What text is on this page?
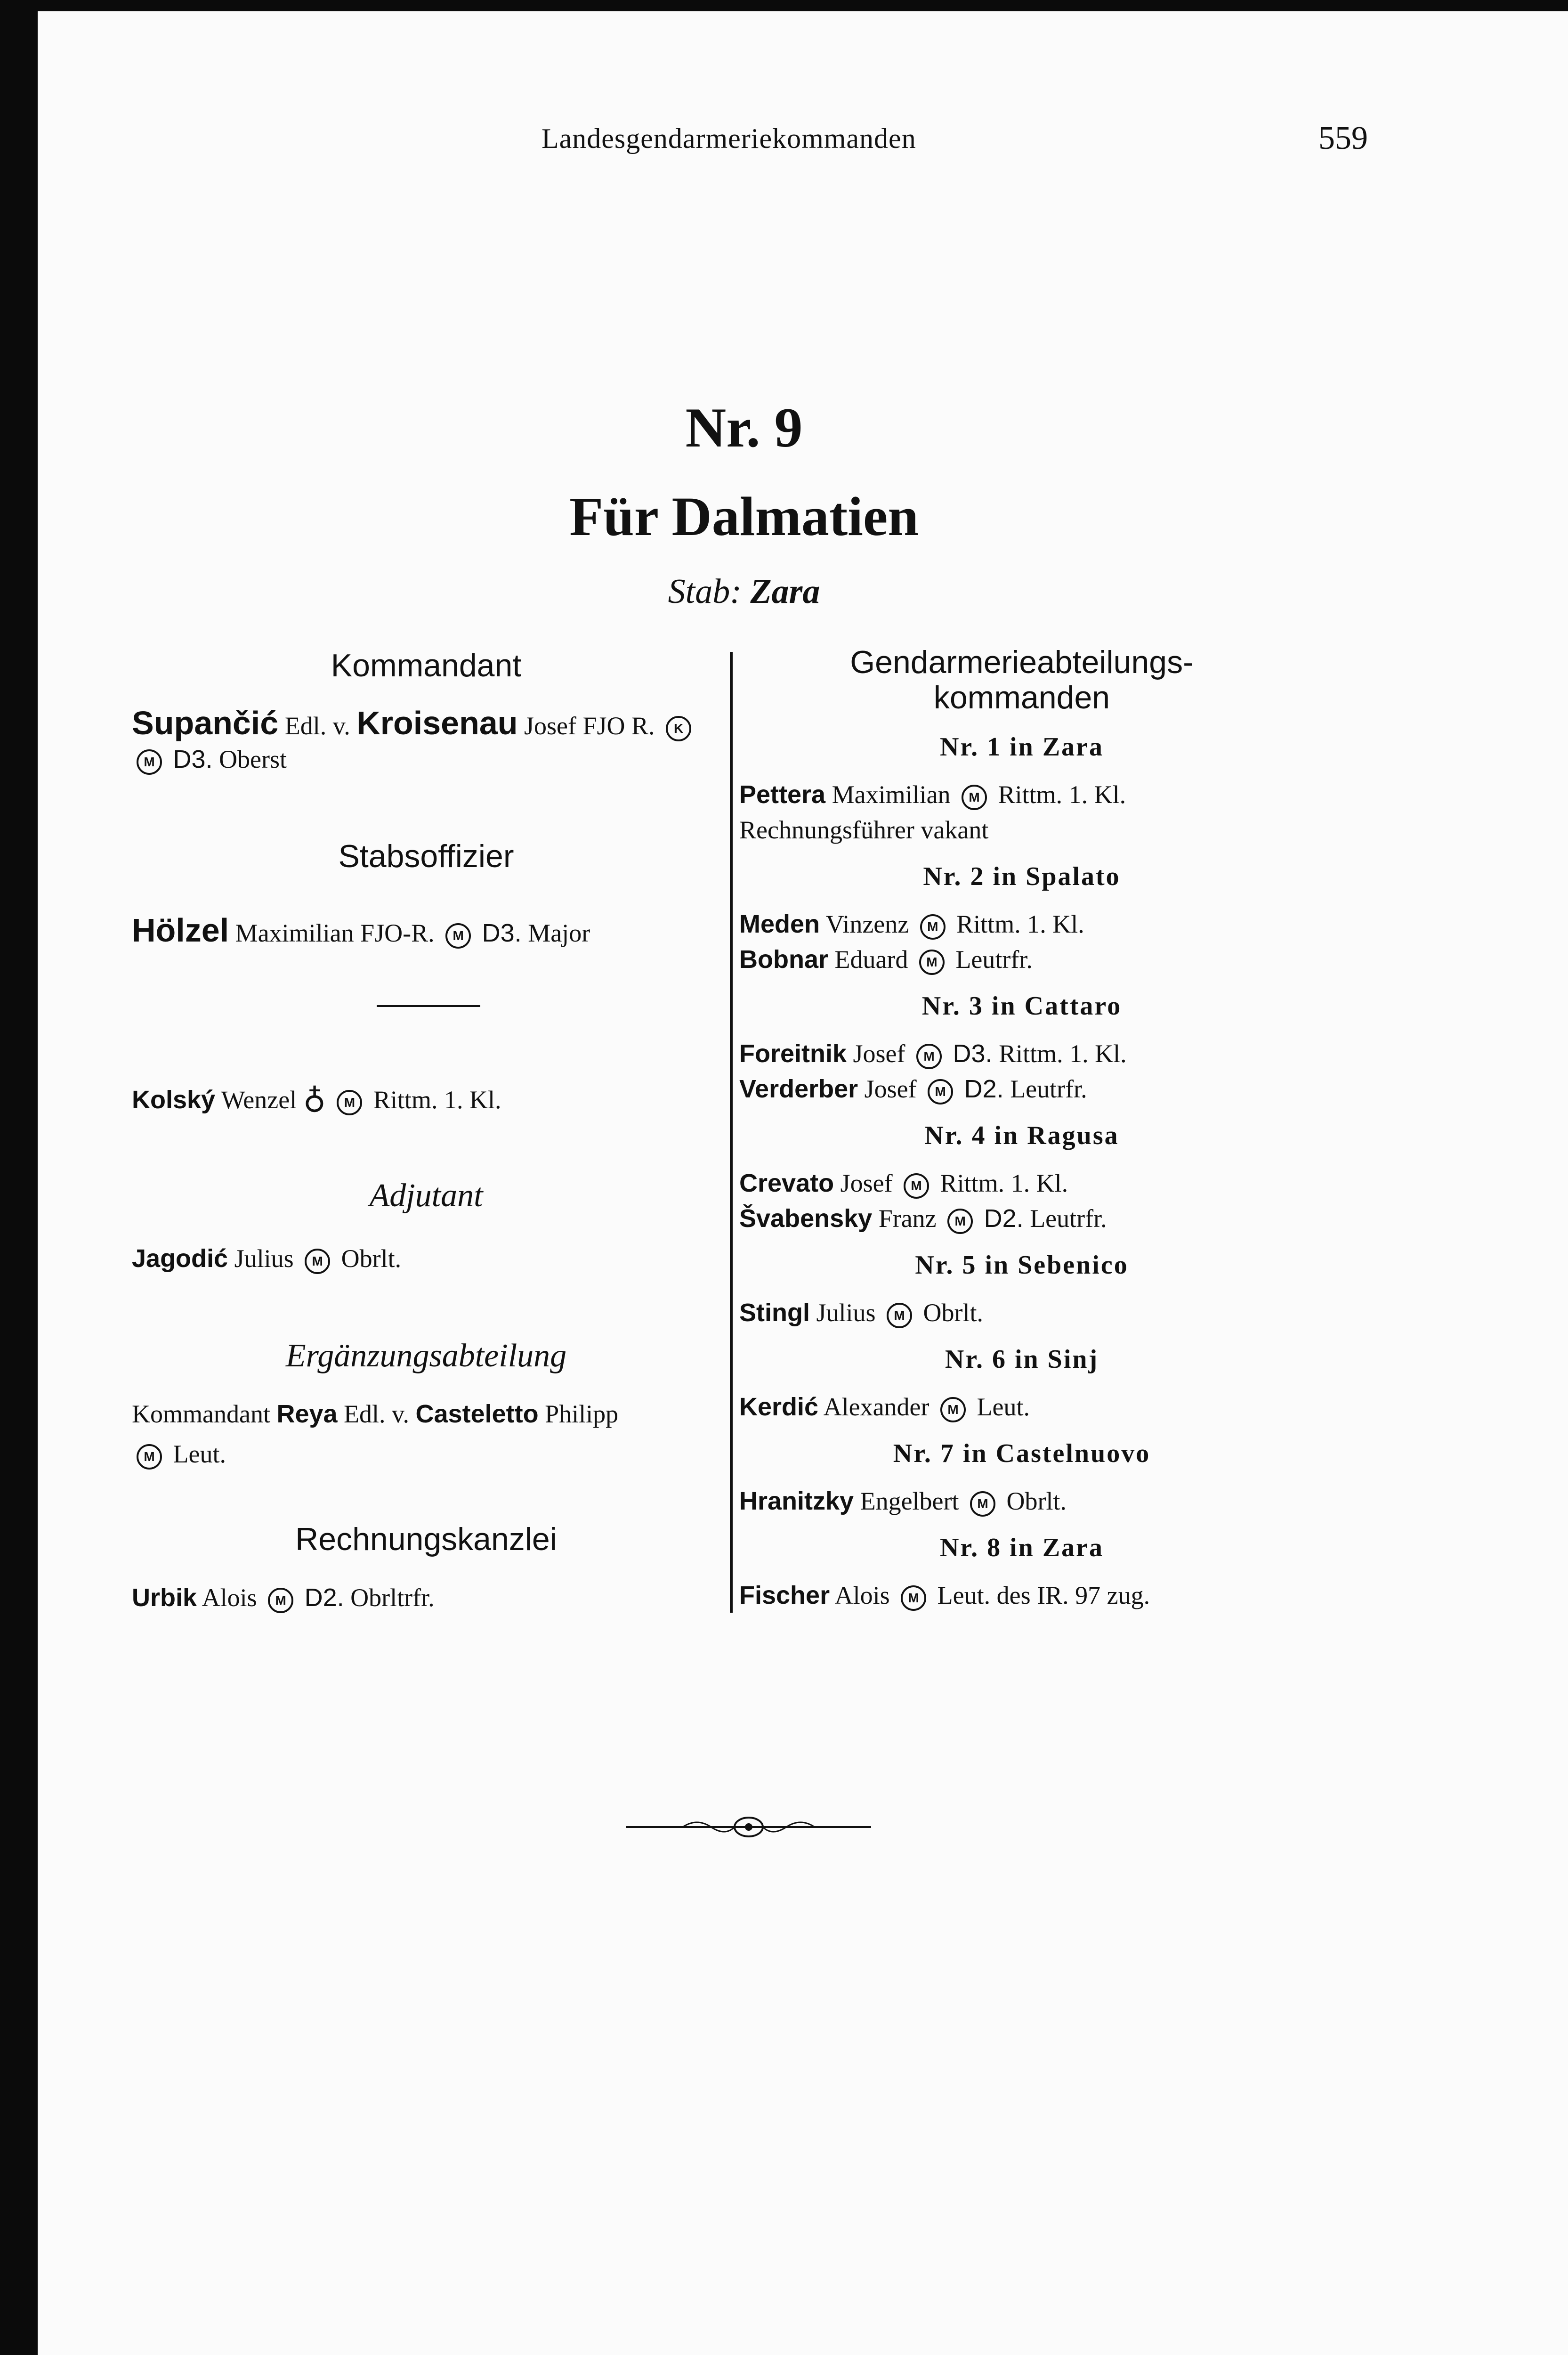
Landesgendarmeriekommanden	559
Nr. 9
Für Dalmatien
Stab: Zara
Kommandant
Supančić Edl. v. Kroisenau Josef FJO R. K
M D3. Oberst
Stabsoffizier
Hölzel Maximilian FJO-R. M D3. Major
Kolský Wenzel ♁ M Rittm. 1. Kl.
Adjutant
Jagodić Julius M Obrlt.
Ergänzungsabteilung
Kommandant Reya Edl. v. Casteletto Philipp
M Leut.
Rechnungskanzlei
Urbik Alois M D2. Obrltrfr.
Gendarmerieabteilungs-
kommanden
Nr. 1 in Zara
Pettera Maximilian M Rittm. 1. Kl.
Rechnungsführer vakant
Nr. 2 in Spalato
Meden Vinzenz M Rittm. 1. Kl.
Bobnar Eduard M Leutrfr.
Nr. 3 in Cattaro
Foreitnik Josef M D3. Rittm. 1. Kl.
Verderber Josef M D2. Leutrfr.
Nr. 4 in Ragusa
Crevato Josef M Rittm. 1. Kl.
Švabensky Franz M D2. Leutrfr.
Nr. 5 in Sebenico
Stingl Julius M Obrlt.
Nr. 6 in Sinj
Kerdić Alexander M Leut.
Nr. 7 in Castelnuovo
Hranitzky Engelbert M Obrlt.
Nr. 8 in Zara
Fischer Alois M Leut. des IR. 97 zug.
